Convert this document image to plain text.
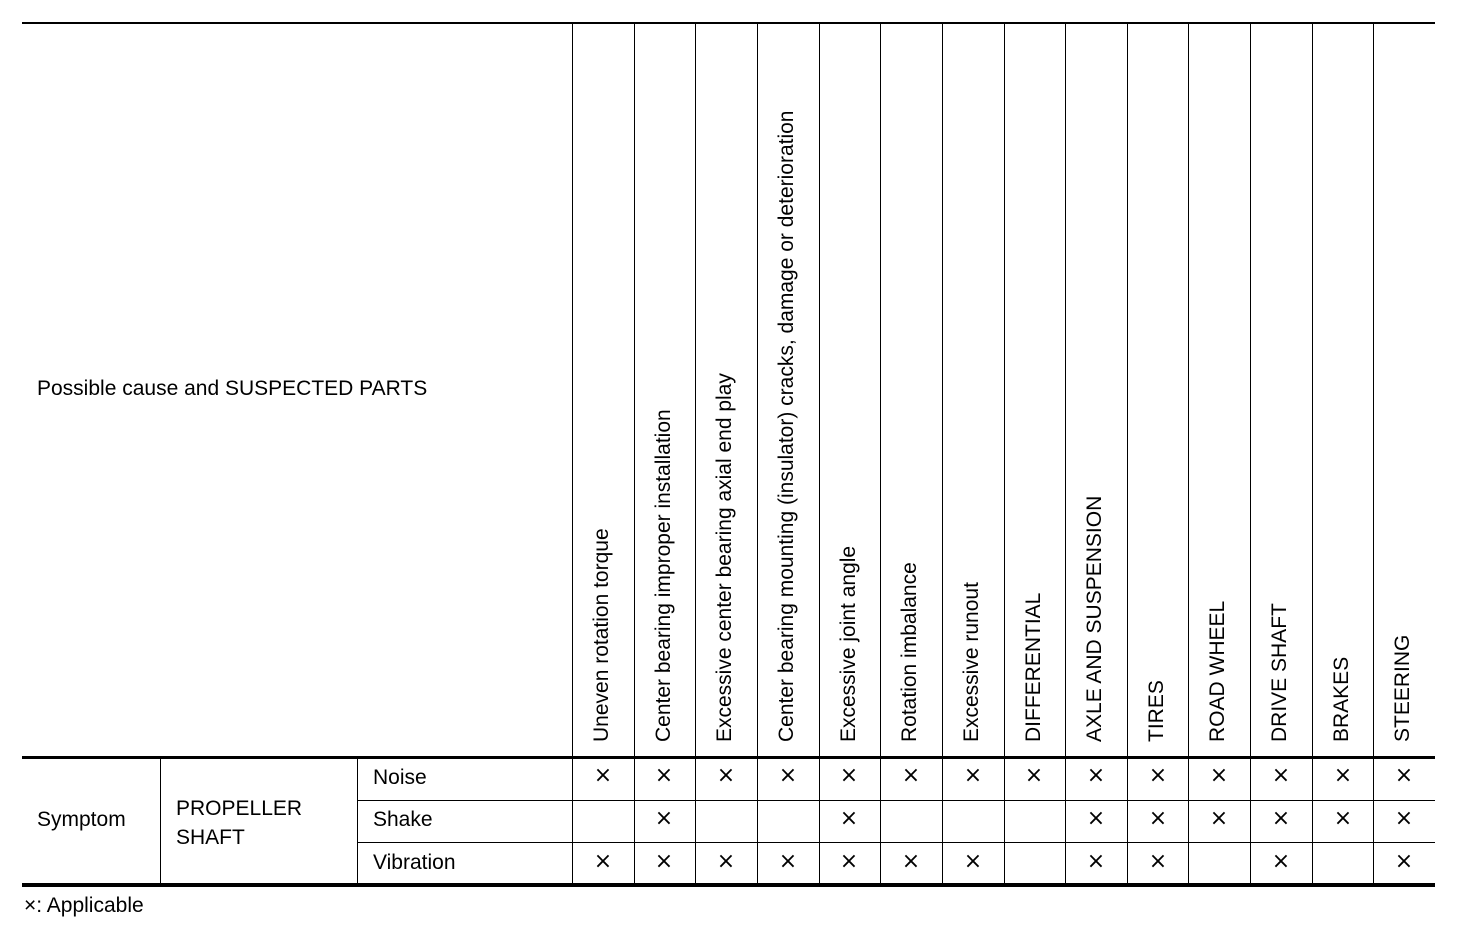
Possible cause and SUSPECTED PARTS
Symptom PROPELLER SHAFT
Noise
Shake
Vibration
Uneven rotation torque
×
×
Center bearing improper installation
×
×
×
Excessive center bearing axial end play
×
×
Center bearing mounting (insulator) cracks, damage or deterioration
×
×
Excessive joint angle
×
×
×
Rotation imbalance
×
×
Excessive runout
×
×
DIFFERENTIAL
×
AXLE AND SUSPENSION
×
×
×
TIRES
×
×
×
ROAD WHEEL
×
×
DRIVE SHAFT
×
×
×
BRAKES
×
×
STEERING
×
×
×
×: Applicable
